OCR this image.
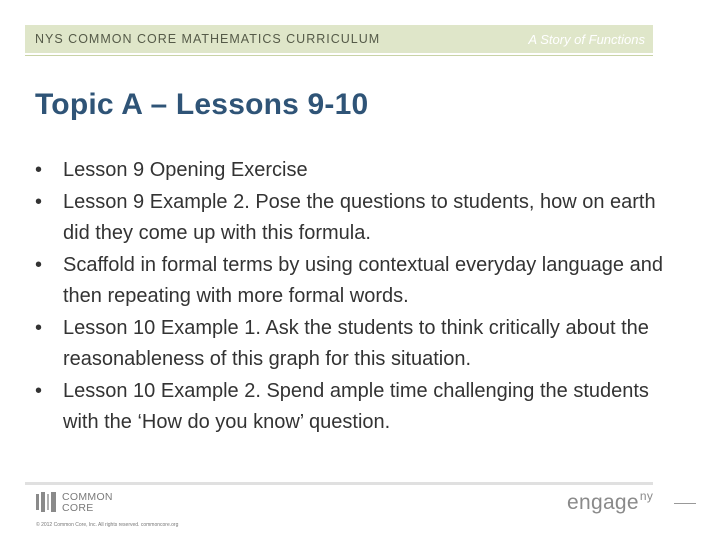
NYS COMMON CORE MATHEMATICS CURRICULUM	A Story of Functions
Topic A – Lessons 9-10
•	Lesson 9 Opening Exercise
•	Lesson 9 Example 2. Pose the questions to students, how on earth did they come up with this formula.
•	Scaffold in formal terms by using contextual everyday language and then repeating with more formal words.
•	Lesson 10 Example 1. Ask the students to think critically about the reasonableness of this graph for this situation.
•	Lesson 10 Example 2. Spend ample time challenging the students with the ‘How do you know’ question.
COMMON
CORE
© 2012 Common Core, Inc. All rights reserved. commoncore.org
engage$^{ny}$
